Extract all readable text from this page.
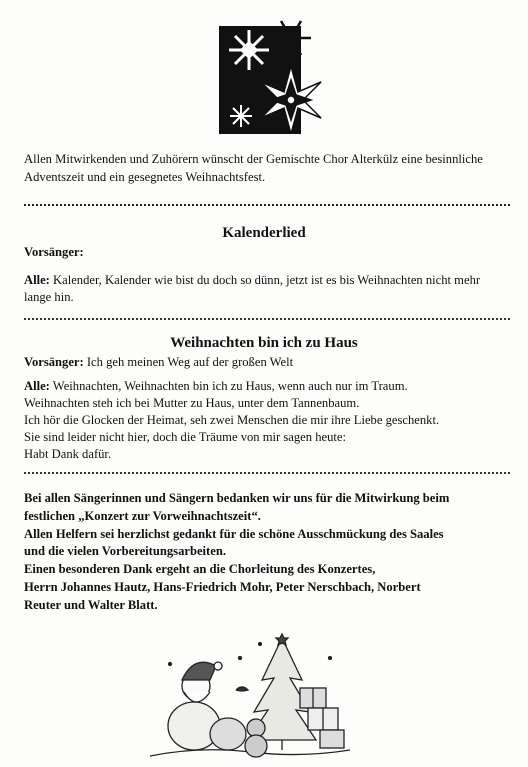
Allen Mitwirkenden und Zuhörern wünscht der Gemischte Chor Alterkülz eine besinnliche Adventszeit und ein gesegnetes Weihnachtsfest.
Kalenderlied
Vorsänger:
Alle: Kalender, Kalender wie bist du doch so dünn, jetzt ist es bis Weihnachten nicht mehr lange hin.
Weihnachten bin ich zu Haus
Vorsänger: Ich geh meinen Weg auf der großen Welt
Alle: Weihnachten, Weihnachten bin ich zu Haus, wenn auch nur im Traum.
Weihnachten steh ich bei Mutter zu Haus, unter dem Tannenbaum.
Ich hör die Glocken der Heimat, seh zwei Menschen die mir ihre Liebe geschenkt.
Sie sind leider nicht hier, doch die Träume von mir sagen heute:
Habt Dank dafür.
Bei allen Sängerinnen und Sängern bedanken wir uns für die Mitwirkung beim
festlichen „Konzert zur Vorweihnachtszeit“.
Allen Helfern sei herzlichst gedankt für die schöne Ausschmückung des Saales
und die vielen Vorbereitungsarbeiten.
Einen besonderen Dank ergeht an die Chorleitung des Konzertes,
Herrn Johannes Hautz, Hans-Friedrich Mohr, Peter Nerschbach, Norbert
Reuter und Walter Blatt.
